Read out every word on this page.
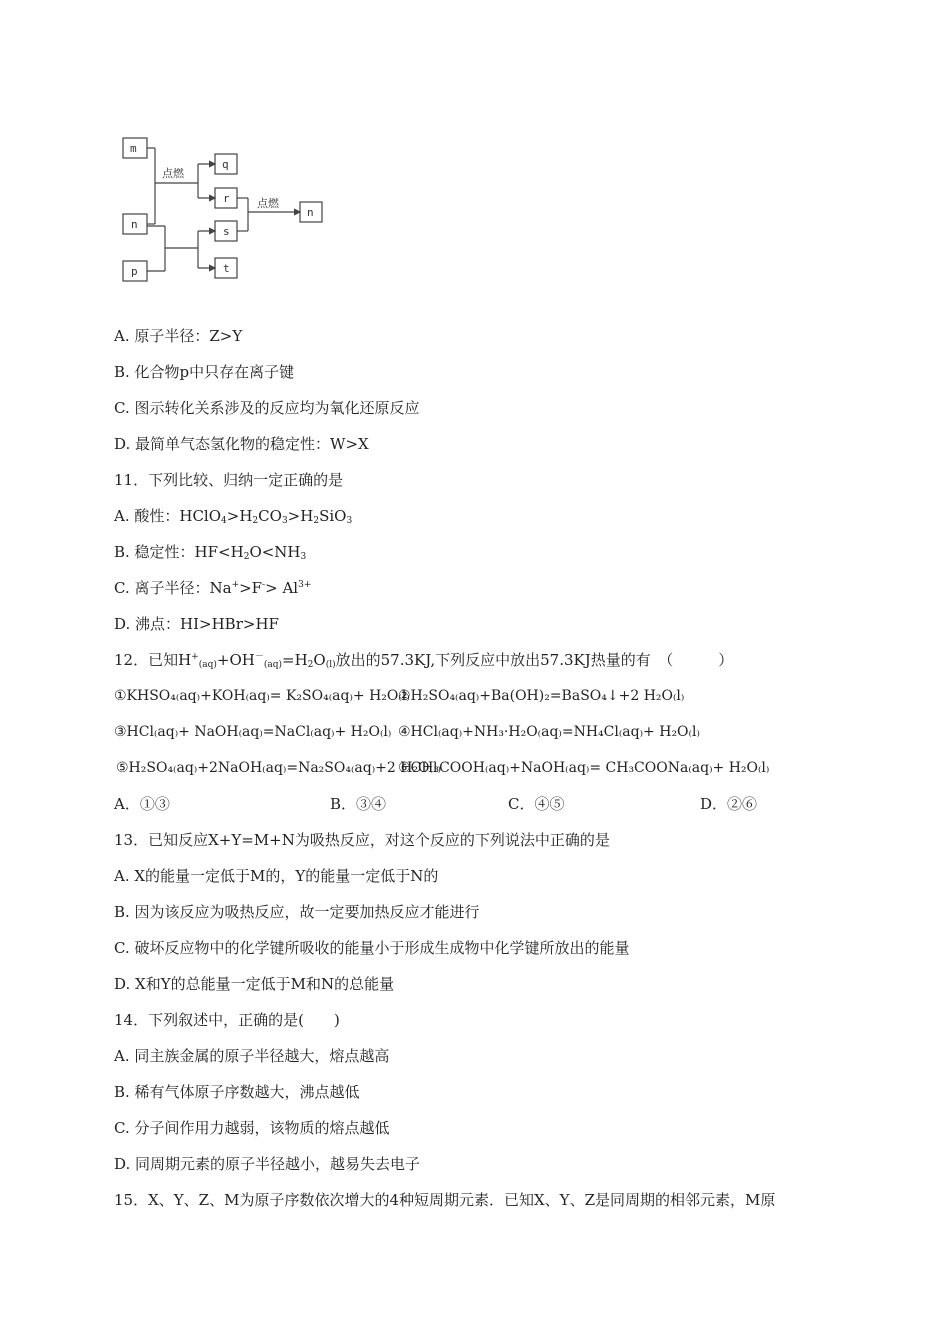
m
n
p
q
r
s
t
n
点燃
点燃
A. 原子半径：Z>Y
B. 化合物p中只存在离子键
C. 图示转化关系涉及的反应均为氧化还原反应
D. 最简单气态氢化物的稳定性：W>X
11．下列比较、归纳一定正确的是
A. 酸性：$HClO_4>H_2CO_3>H_2SiO_3$
B. 稳定性：$HF<H_2O<NH_3$
C. 离子半径：$Na^+>F^-> Al^{3+}$
D. 沸点：HI>HBr>HF
12．已知$H^+_{(aq)}+OH^-_{(aq)}=H_2O_{(l)}$放出的57.3KJ,下列反应中放出57.3KJ热量的有　（　　　）
①KHSO₄₍aq₎+KOH₍aq₎= K₂SO₄₍aq₎+ H₂O₍l₎
②H₂SO₄₍aq₎+Ba(OH)₂=BaSO₄↓+2 H₂O₍l₎
③HCl₍aq₎+ NaOH₍aq₎=NaCl₍aq₎+ H₂O₍l₎ ④HCl₍aq₎+NH₃·H₂O₍aq₎=NH₄Cl₍aq₎+ H₂O₍l₎
⑤H₂SO₄₍aq₎+2NaOH₍aq₎=Na₂SO₄₍aq₎+2 H₂O₍l₎
⑥CH₃COOH₍aq₎+NaOH₍aq₎= CH₃COONa₍aq₎+ H₂O₍l₎
A．①③	B．③④	C．④⑤	D．②⑥
13．已知反应X+Y=M+N为吸热反应，对这个反应的下列说法中正确的是
A. X的能量一定低于M的，Y的能量一定低于N的
B. 因为该反应为吸热反应，故一定要加热反应才能进行
C. 破坏反应物中的化学键所吸收的能量小于形成生成物中化学键所放出的能量
D. X和Y的总能量一定低于M和N的总能量
14．下列叙述中，正确的是(　　)
A. 同主族金属的原子半径越大，熔点越高
B. 稀有气体原子序数越大，沸点越低
C. 分子间作用力越弱，该物质的熔点越低
D. 同周期元素的原子半径越小，越易失去电子
15．X、Y、Z、M为原子序数依次增大的4种短周期元素．已知X、Y、Z是同周期的相邻元素，M原
